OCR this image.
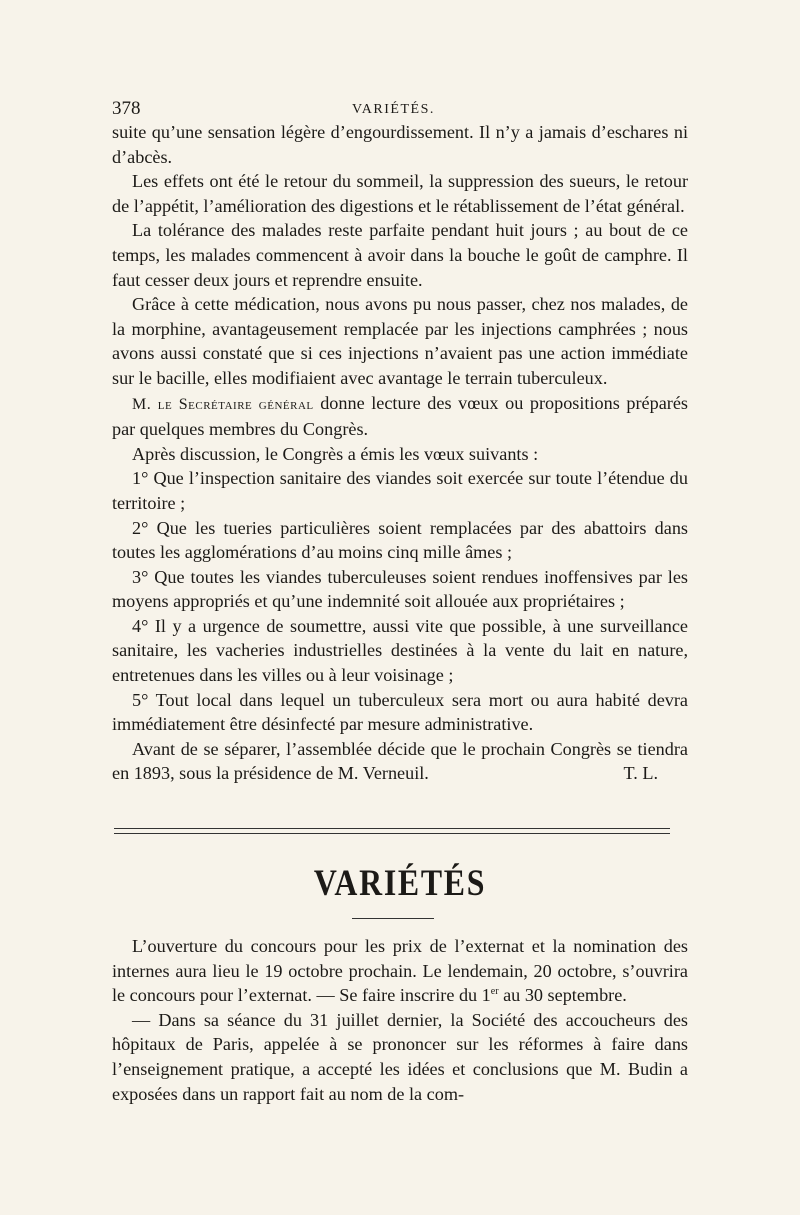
378	VARIÉTÉS.

suite qu’une sensation légère d’engourdissement. Il n’y a jamais d’eschares ni d’abcès.

Les effets ont été le retour du sommeil, la suppression des sueurs, le retour de l’appétit, l’amélioration des digestions et le rétablissement de l’état général.

La tolérance des malades reste parfaite pendant huit jours ; au bout de ce temps, les malades commencent à avoir dans la bouche le goût de camphre. Il faut cesser deux jours et reprendre ensuite.

Grâce à cette médication, nous avons pu nous passer, chez nos malades, de la morphine, avantageusement remplacée par les injections camphrées ; nous avons aussi constaté que si ces injections n’avaient pas une action immédiate sur le bacille, elles modifiaient avec avantage le terrain tuberculeux.

M. le Secrétaire général donne lecture des vœux ou propositions préparés par quelques membres du Congrès.

Après discussion, le Congrès a émis les vœux suivants :

1° Que l’inspection sanitaire des viandes soit exercée sur toute l’étendue du territoire ;

2° Que les tueries particulières soient remplacées par des abattoirs dans toutes les agglomérations d’au moins cinq mille âmes ;

3° Que toutes les viandes tuberculeuses soient rendues inoffensives par les moyens appropriés et qu’une indemnité soit allouée aux propriétaires ;

4° Il y a urgence de soumettre, aussi vite que possible, à une surveillance sanitaire, les vacheries industrielles destinées à la vente du lait en nature, entretenues dans les villes ou à leur voisinage ;

5° Tout local dans lequel un tuberculeux sera mort ou aura habité devra immédiatement être désinfecté par mesure administrative.

Avant de se séparer, l’assemblée décide que le prochain Congrès se tiendra en 1893, sous la présidence de M. Verneuil.	T. L.

VARIÉTÉS

L’ouverture du concours pour les prix de l’externat et la nomination des internes aura lieu le 19 octobre prochain. Le lendemain, 20 octobre, s’ouvrira le concours pour l’externat. — Se faire inscrire du 1er au 30 septembre.

— Dans sa séance du 31 juillet dernier, la Société des accoucheurs des hôpitaux de Paris, appelée à se prononcer sur les réformes à faire dans l’enseignement pratique, a accepté les idées et conclusions que M. Budin a exposées dans un rapport fait au nom de la com-
